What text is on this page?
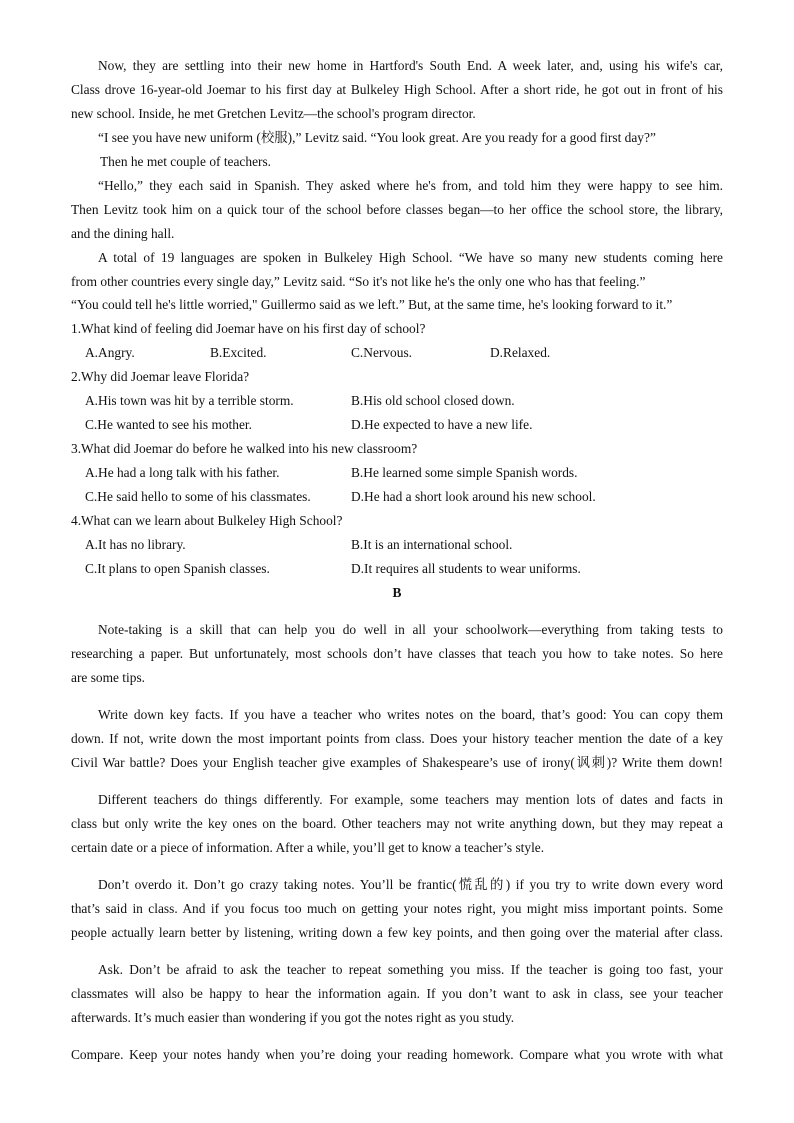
Now, they are settling into their new home in Hartford's South End. A week later, and, using his wife's car,
Class drove 16-year-old Joemar to his first day at Bulkeley High School. After a short ride, he got out in front of his
new school. Inside, he met Gretchen Levitz—the school's program director.
“I see you have new uniform (校服),” Levitz said. “You look great. Are you ready for a good first day?”
Then he met couple of teachers.
“Hello,” they each said in Spanish. They asked where he's from, and told him they were happy to see him.
Then Levitz took him on a quick tour of the school before classes began—to her office the school store, the library,
and the dining hall.
A total of 19 languages are spoken in Bulkeley High School. “We have so many new students coming here
from other countries every single day,” Levitz said. “So it's not like he's the only one who has that feeling.”
“You could tell he's little worried," Guillermo said as we left.” But, at the same time, he's looking forward to it.”
1.What kind of feeling did Joemar have on his first day of school?
A.Angry.	B.Excited.	C.Nervous.	D.Relaxed.
2.Why did Joemar leave Florida?
A.His town was hit by a terrible storm.	B.His old school closed down.
C.He wanted to see his mother.	D.He expected to have a new life.
3.What did Joemar do before he walked into his new classroom?
A.He had a long talk with his father.	B.He learned some simple Spanish words.
C.He said hello to some of his classmates.	D.He had a short look around his new school.
4.What can we learn about Bulkeley High School?
A.It has no library.	B.It is an international school.
C.It plans to open Spanish classes.	D.It requires all students to wear uniforms.
B
Note-taking is a skill that can help you do well in all your schoolwork—everything from taking tests to
researching a paper. But unfortunately, most schools don’t have classes that teach you how to take notes. So here
are some tips.
Write down key facts. If you have a teacher who writes notes on the board, that’s good: You can copy them
down. If not, write down the most important points from class. Does your history teacher mention the date of a key
Civil War battle? Does your English teacher give examples of Shakespeare’s use of irony(讽刺)? Write them down!
Different teachers do things differently. For example, some teachers may mention lots of dates and facts in
class but only write the key ones on the board. Other teachers may not write anything down, but they may repeat a
certain date or a piece of information. After a while, you’ll get to know a teacher’s style.
Don’t overdo it. Don’t go crazy taking notes. You’ll be frantic(慌乱的) if you try to write down every word
that’s said in class. And if you focus too much on getting your notes right, you might miss important points. Some
people actually learn better by listening, writing down a few key points, and then going over the material after class.
Ask. Don’t be afraid to ask the teacher to repeat something you miss. If the teacher is going too fast, your
classmates will also be happy to hear the information again. If you don’t want to ask in class, see your teacher
afterwards. It’s much easier than wondering if you got the notes right as you study.
Compare. Keep your notes handy when you’re doing your reading homework. Compare what you wrote with what
